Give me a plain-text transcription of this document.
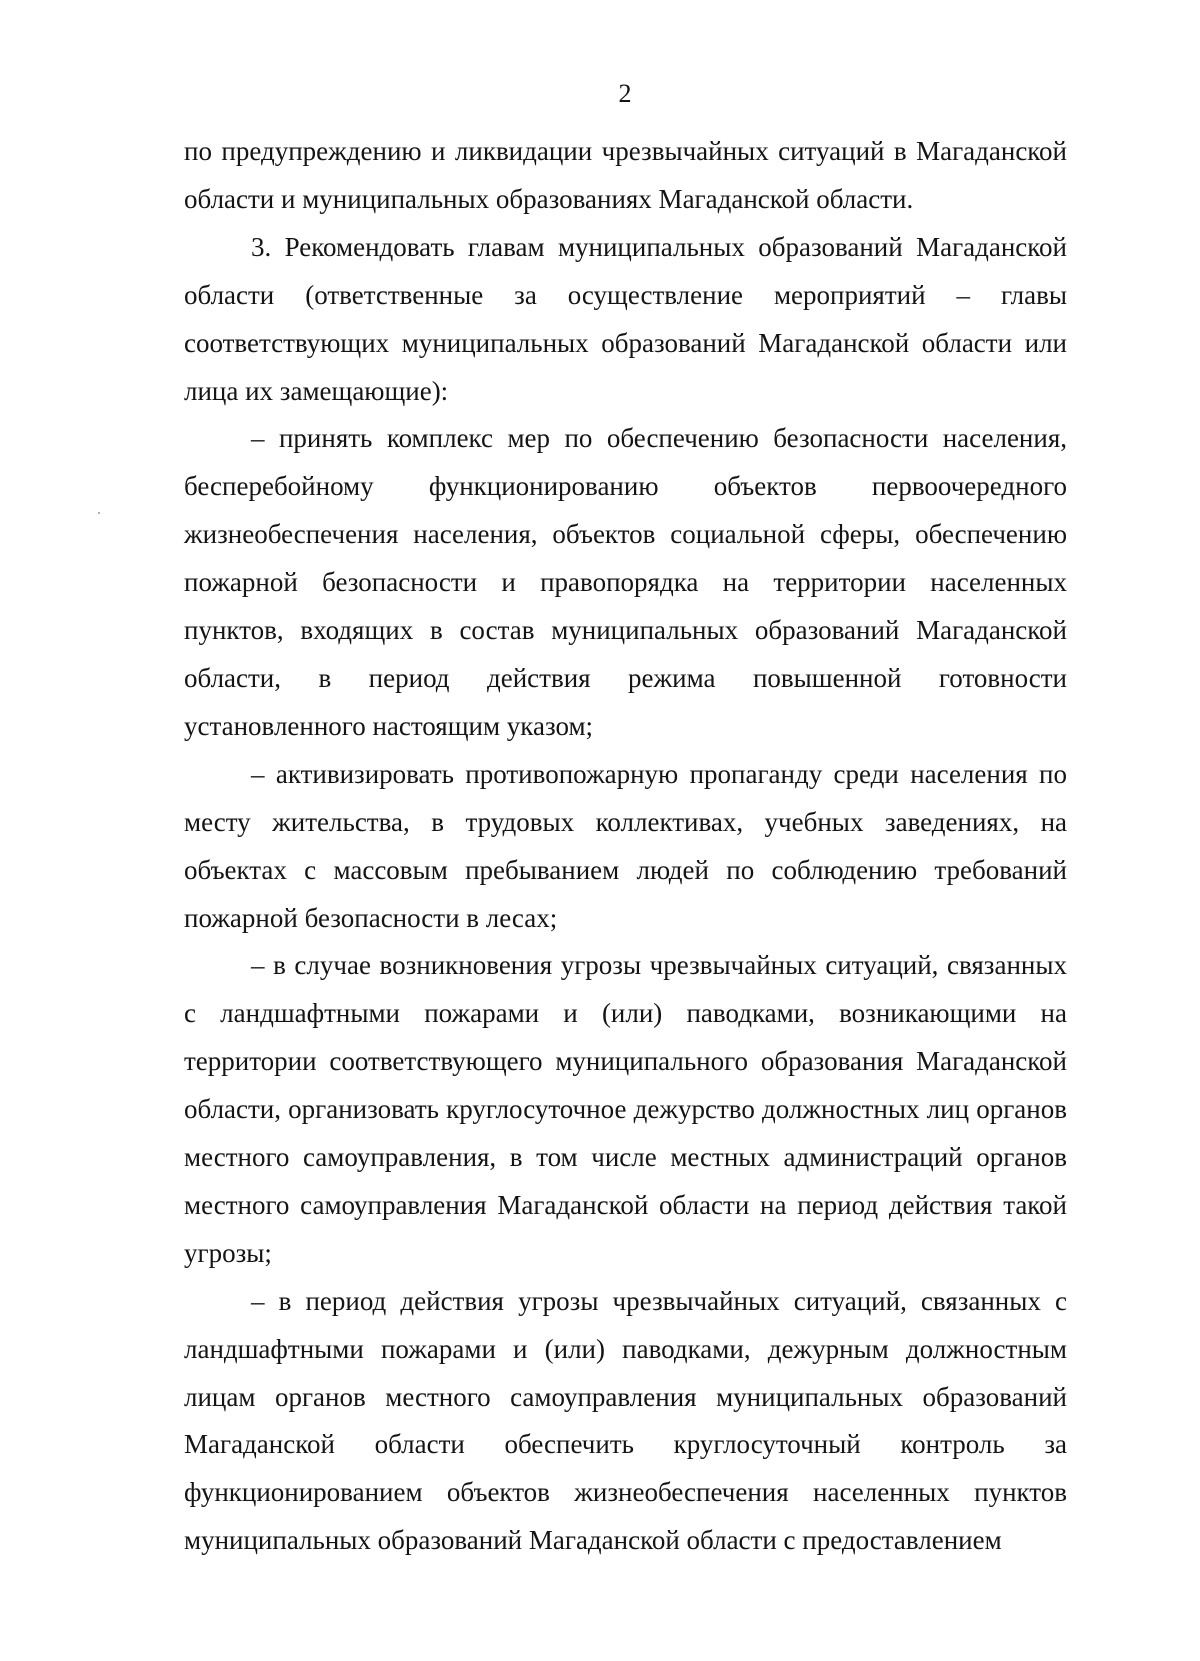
2

по предупреждению и ликвидации чрезвычайных ситуаций в Магаданской области и муниципальных образованиях Магаданской области.

3. Рекомендовать главам муниципальных образований Магаданской области (ответственные за осуществление мероприятий – главы соответствующих муниципальных образований Магаданской области или лица их замещающие):

– принять комплекс мер по обеспечению безопасности населения, бесперебойному функционированию объектов первоочередного жизнеобеспечения населения, объектов социальной сферы, обеспечению пожарной безопасности и правопорядка на территории населенных пунктов, входящих в состав муниципальных образований Магаданской области, в период действия режима повышенной готовности установленного настоящим указом;

– активизировать противопожарную пропаганду среди населения по месту жительства, в трудовых коллективах, учебных заведениях, на объектах с массовым пребыванием людей по соблюдению требований пожарной безопасности в лесах;

– в случае возникновения угрозы чрезвычайных ситуаций, связанных с ландшафтными пожарами и (или) паводками, возникающими на территории соответствующего муниципального образования Магаданской области, организовать круглосуточное дежурство должностных лиц органов местного самоуправления, в том числе местных администраций органов местного самоуправления Магаданской области на период действия такой угрозы;

– в период действия угрозы чрезвычайных ситуаций, связанных с ландшафтными пожарами и (или) паводками, дежурным должностным лицам органов местного самоуправления муниципальных образований Магаданской области обеспечить круглосуточный контроль за функционированием объектов жизнеобеспечения населенных пунктов муниципальных образований Магаданской области с предоставлением
